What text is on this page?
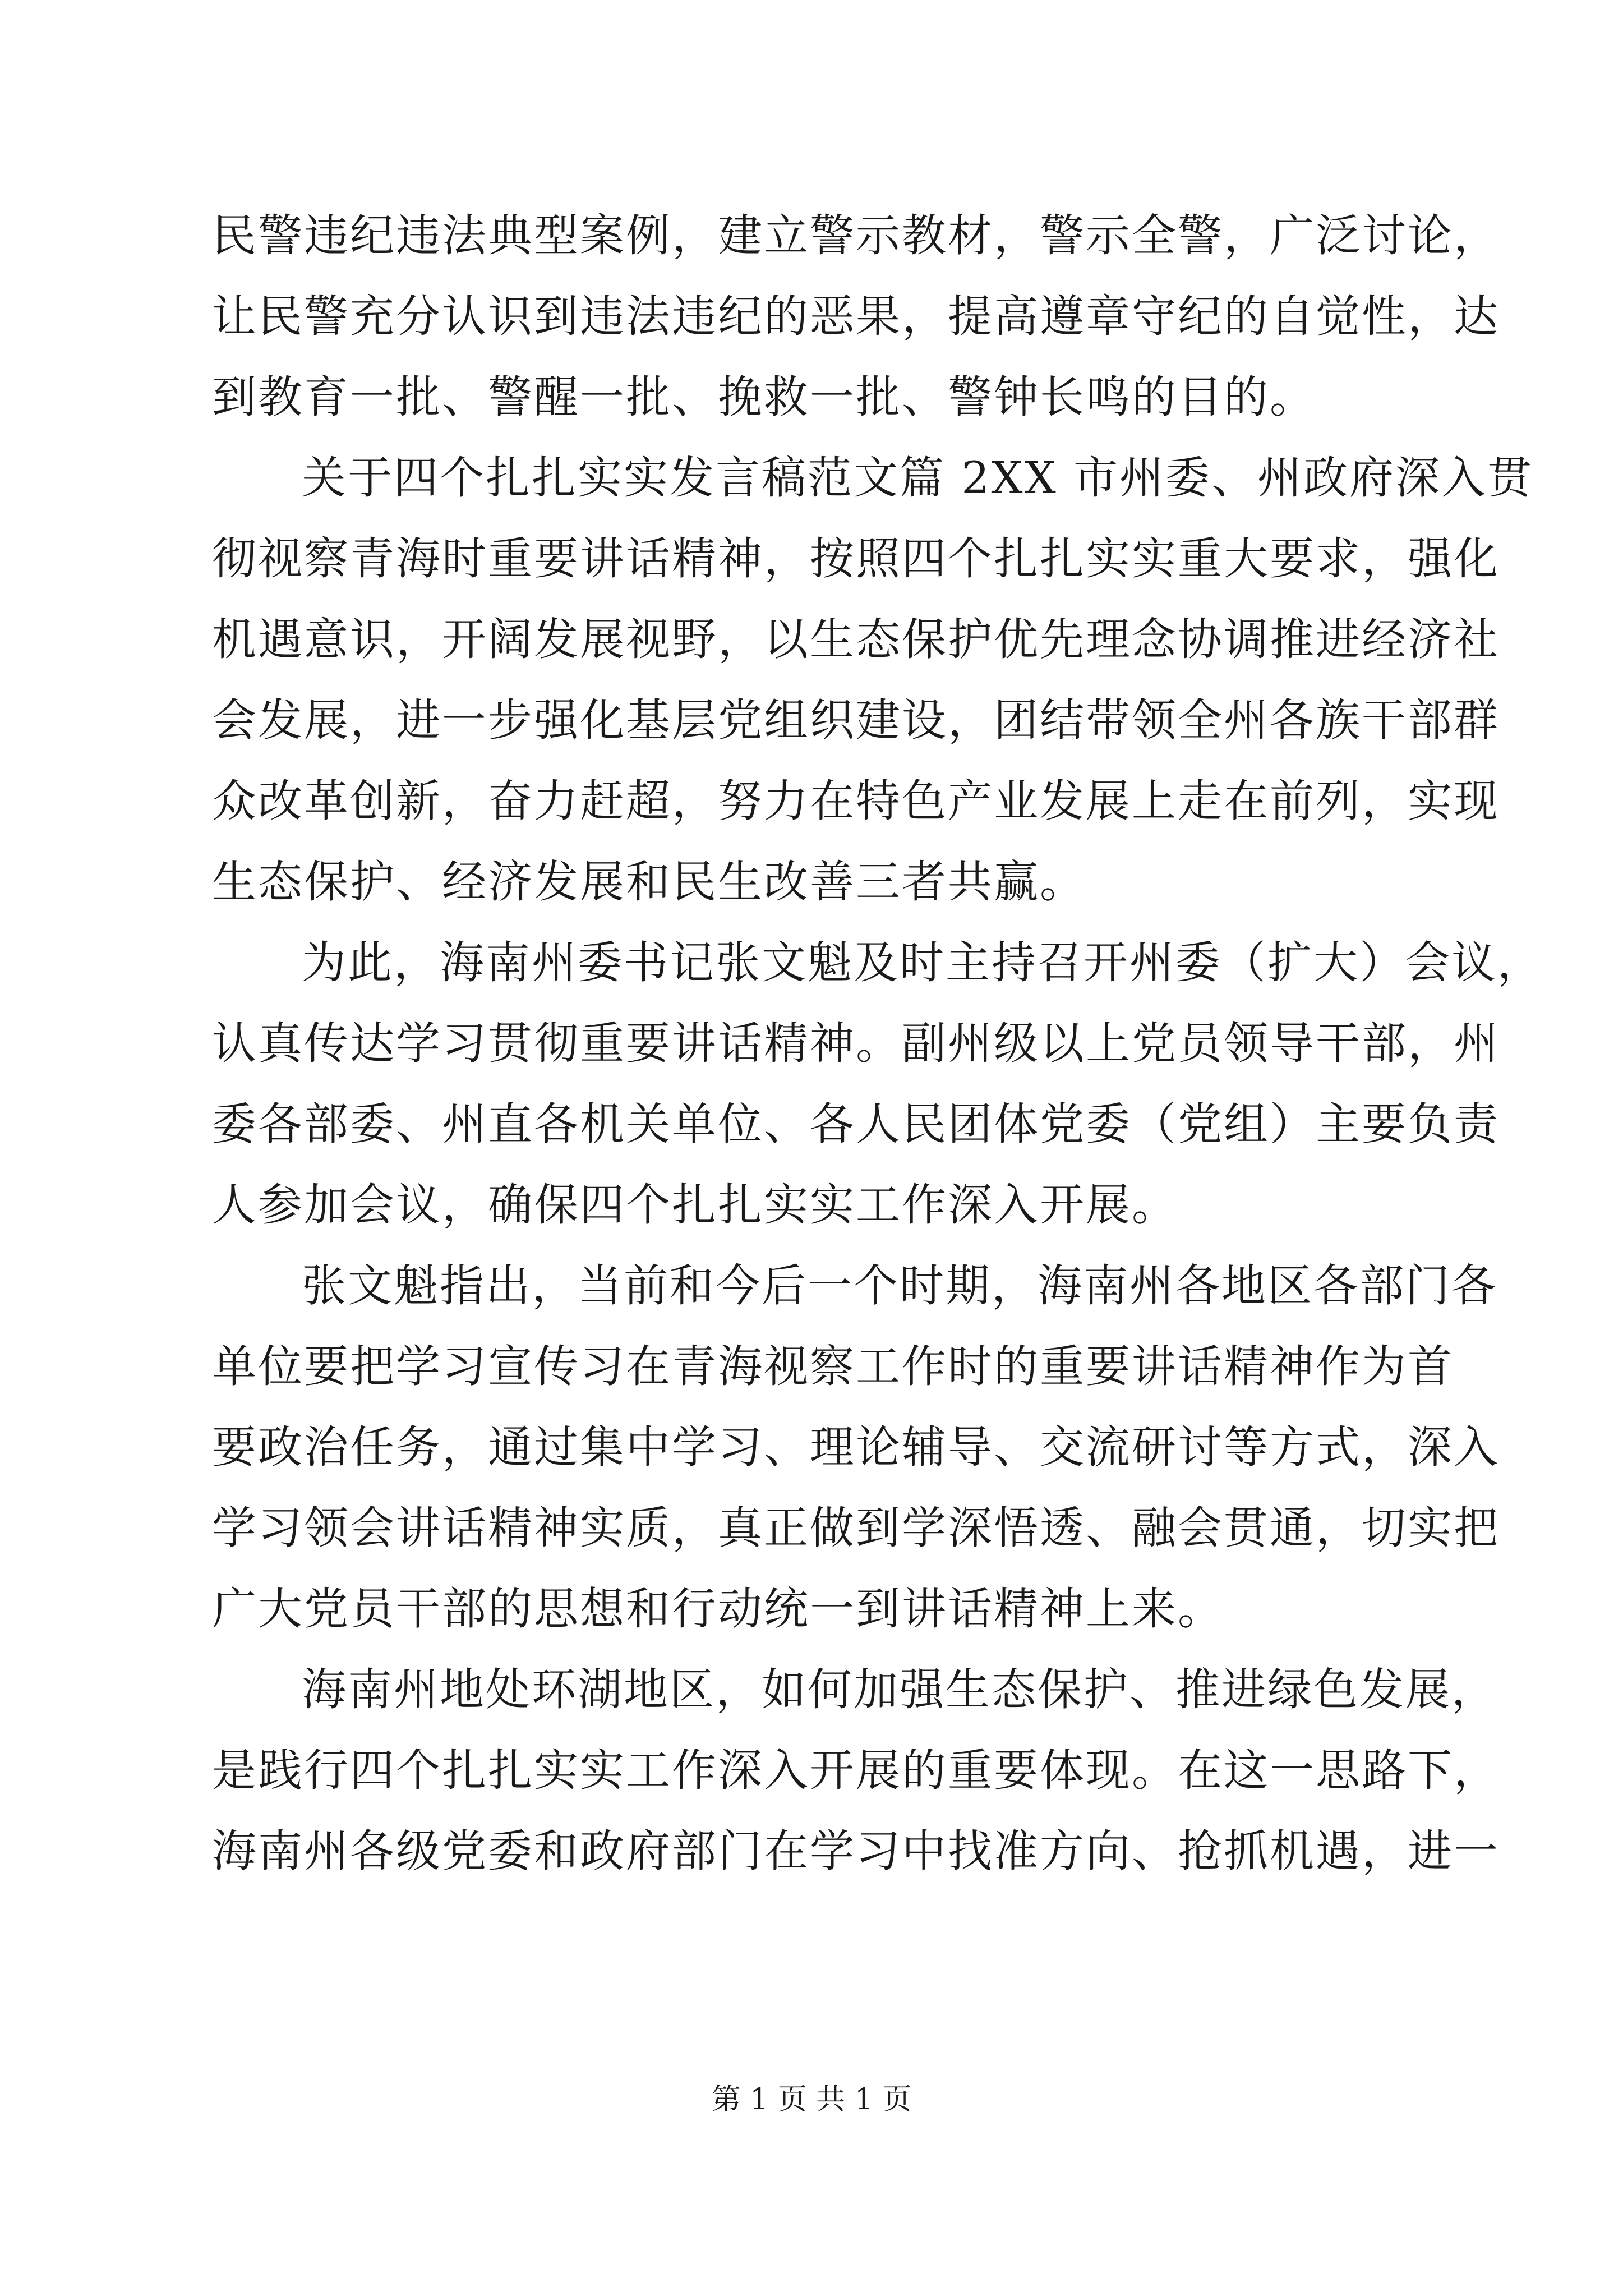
民警违纪违法典型案例，建立警示教材，警示全警，广泛讨论，
让民警充分认识到违法违纪的恶果，提高遵章守纪的自觉性，达
到教育一批、警醒一批、挽救一批、警钟长鸣的目的。
关于四个扎扎实实发言稿范文篇 2XX 市州委、州政府深入贯
彻视察青海时重要讲话精神，按照四个扎扎实实重大要求，强化
机遇意识，开阔发展视野，以生态保护优先理念协调推进经济社
会发展，进一步强化基层党组织建设，团结带领全州各族干部群
众改革创新，奋力赶超，努力在特色产业发展上走在前列，实现
生态保护、经济发展和民生改善三者共赢。
为此，海南州委书记张文魁及时主持召开州委（扩大）会议，
认真传达学习贯彻重要讲话精神。副州级以上党员领导干部，州
委各部委、州直各机关单位、各人民团体党委（党组）主要负责
人参加会议，确保四个扎扎实实工作深入开展。
张文魁指出，当前和今后一个时期，海南州各地区各部门各
单位要把学习宣传习在青海视察工作时的重要讲话精神作为首
要政治任务，通过集中学习、理论辅导、交流研讨等方式，深入
学习领会讲话精神实质，真正做到学深悟透、融会贯通，切实把
广大党员干部的思想和行动统一到讲话精神上来。
海南州地处环湖地区，如何加强生态保护、推进绿色发展，
是践行四个扎扎实实工作深入开展的重要体现。在这一思路下，
海南州各级党委和政府部门在学习中找准方向、抢抓机遇，进一
第 1 页 共 1 页
